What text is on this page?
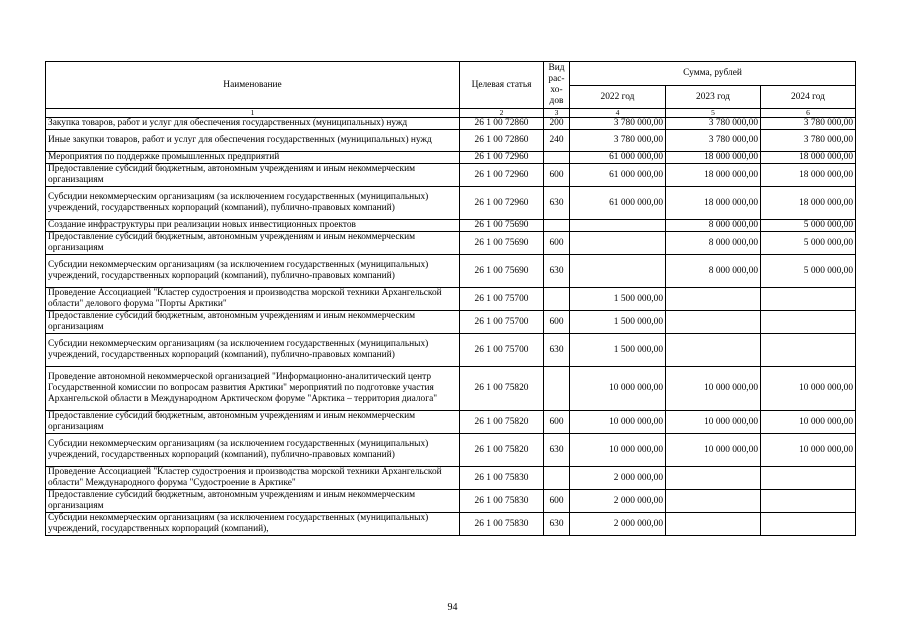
Наименование	Целевая статья	Вид рас-хо-дов	Сумма, рублей		
			2022 год	2023 год	2024 год
1	2	3	4	5	6
Закупка товаров, работ и услуг для обеспечения государственных (муниципальных) нужд	26 1 00 72860	200	3 780 000,00	3 780 000,00	3 780 000,00
Иные закупки товаров, работ и услуг для обеспечения государственных (муниципальных) нужд	26 1 00 72860	240	3 780 000,00	3 780 000,00	3 780 000,00
Мероприятия по поддержке промышленных предприятий	26 1 00 72960		61 000 000,00	18 000 000,00	18 000 000,00
Предоставление субсидий бюджетным, автономным учреждениям и иным некоммерческим организациям	26 1 00 72960	600	61 000 000,00	18 000 000,00	18 000 000,00
Субсидии некоммерческим организациям (за исключением государственных (муниципальных) учреждений, государственных корпораций (компаний), публично-правовых компаний)	26 1 00 72960	630	61 000 000,00	18 000 000,00	18 000 000,00
Создание инфраструктуры при реализации новых инвестиционных проектов	26 1 00 75690			8 000 000,00	5 000 000,00
Предоставление субсидий бюджетным, автономным учреждениям и иным некоммерческим организациям	26 1 00 75690	600		8 000 000,00	5 000 000,00
Субсидии некоммерческим организациям (за исключением государственных (муниципальных) учреждений, государственных корпораций (компаний), публично-правовых компаний)	26 1 00 75690	630		8 000 000,00	5 000 000,00
Проведение Ассоциацией "Кластер судостроения и производства морской техники Архангельской области" делового форума "Порты Арктики"	26 1 00 75700		1 500 000,00		
Предоставление субсидий бюджетным, автономным учреждениям и иным некоммерческим организациям	26 1 00 75700	600	1 500 000,00		
Субсидии некоммерческим организациям (за исключением государственных (муниципальных) учреждений, государственных корпораций (компаний), публично-правовых компаний)	26 1 00 75700	630	1 500 000,00		
Проведение автономной некоммерческой организацией "Информационно-аналитический центр Государственной комиссии по вопросам развития Арктики" мероприятий по подготовке участия Архангельской области в Международном Арктическом форуме "Арктика – территория диалога"	26 1 00 75820		10 000 000,00	10 000 000,00	10 000 000,00
Предоставление субсидий бюджетным, автономным учреждениям и иным некоммерческим организациям	26 1 00 75820	600	10 000 000,00	10 000 000,00	10 000 000,00
Субсидии некоммерческим организациям (за исключением государственных (муниципальных) учреждений, государственных корпораций (компаний), публично-правовых компаний)	26 1 00 75820	630	10 000 000,00	10 000 000,00	10 000 000,00
Проведение Ассоциацией "Кластер судостроения и производства морской техники Архангельской области" Международного форума "Судостроение в Арктике"	26 1 00 75830		2 000 000,00		
Предоставление субсидий бюджетным, автономным учреждениям и иным некоммерческим организациям	26 1 00 75830	600	2 000 000,00		
Субсидии некоммерческим организациям (за исключением государственных (муниципальных) учреждений, государственных корпораций (компаний),	26 1 00 75830	630	2 000 000,00		
94
